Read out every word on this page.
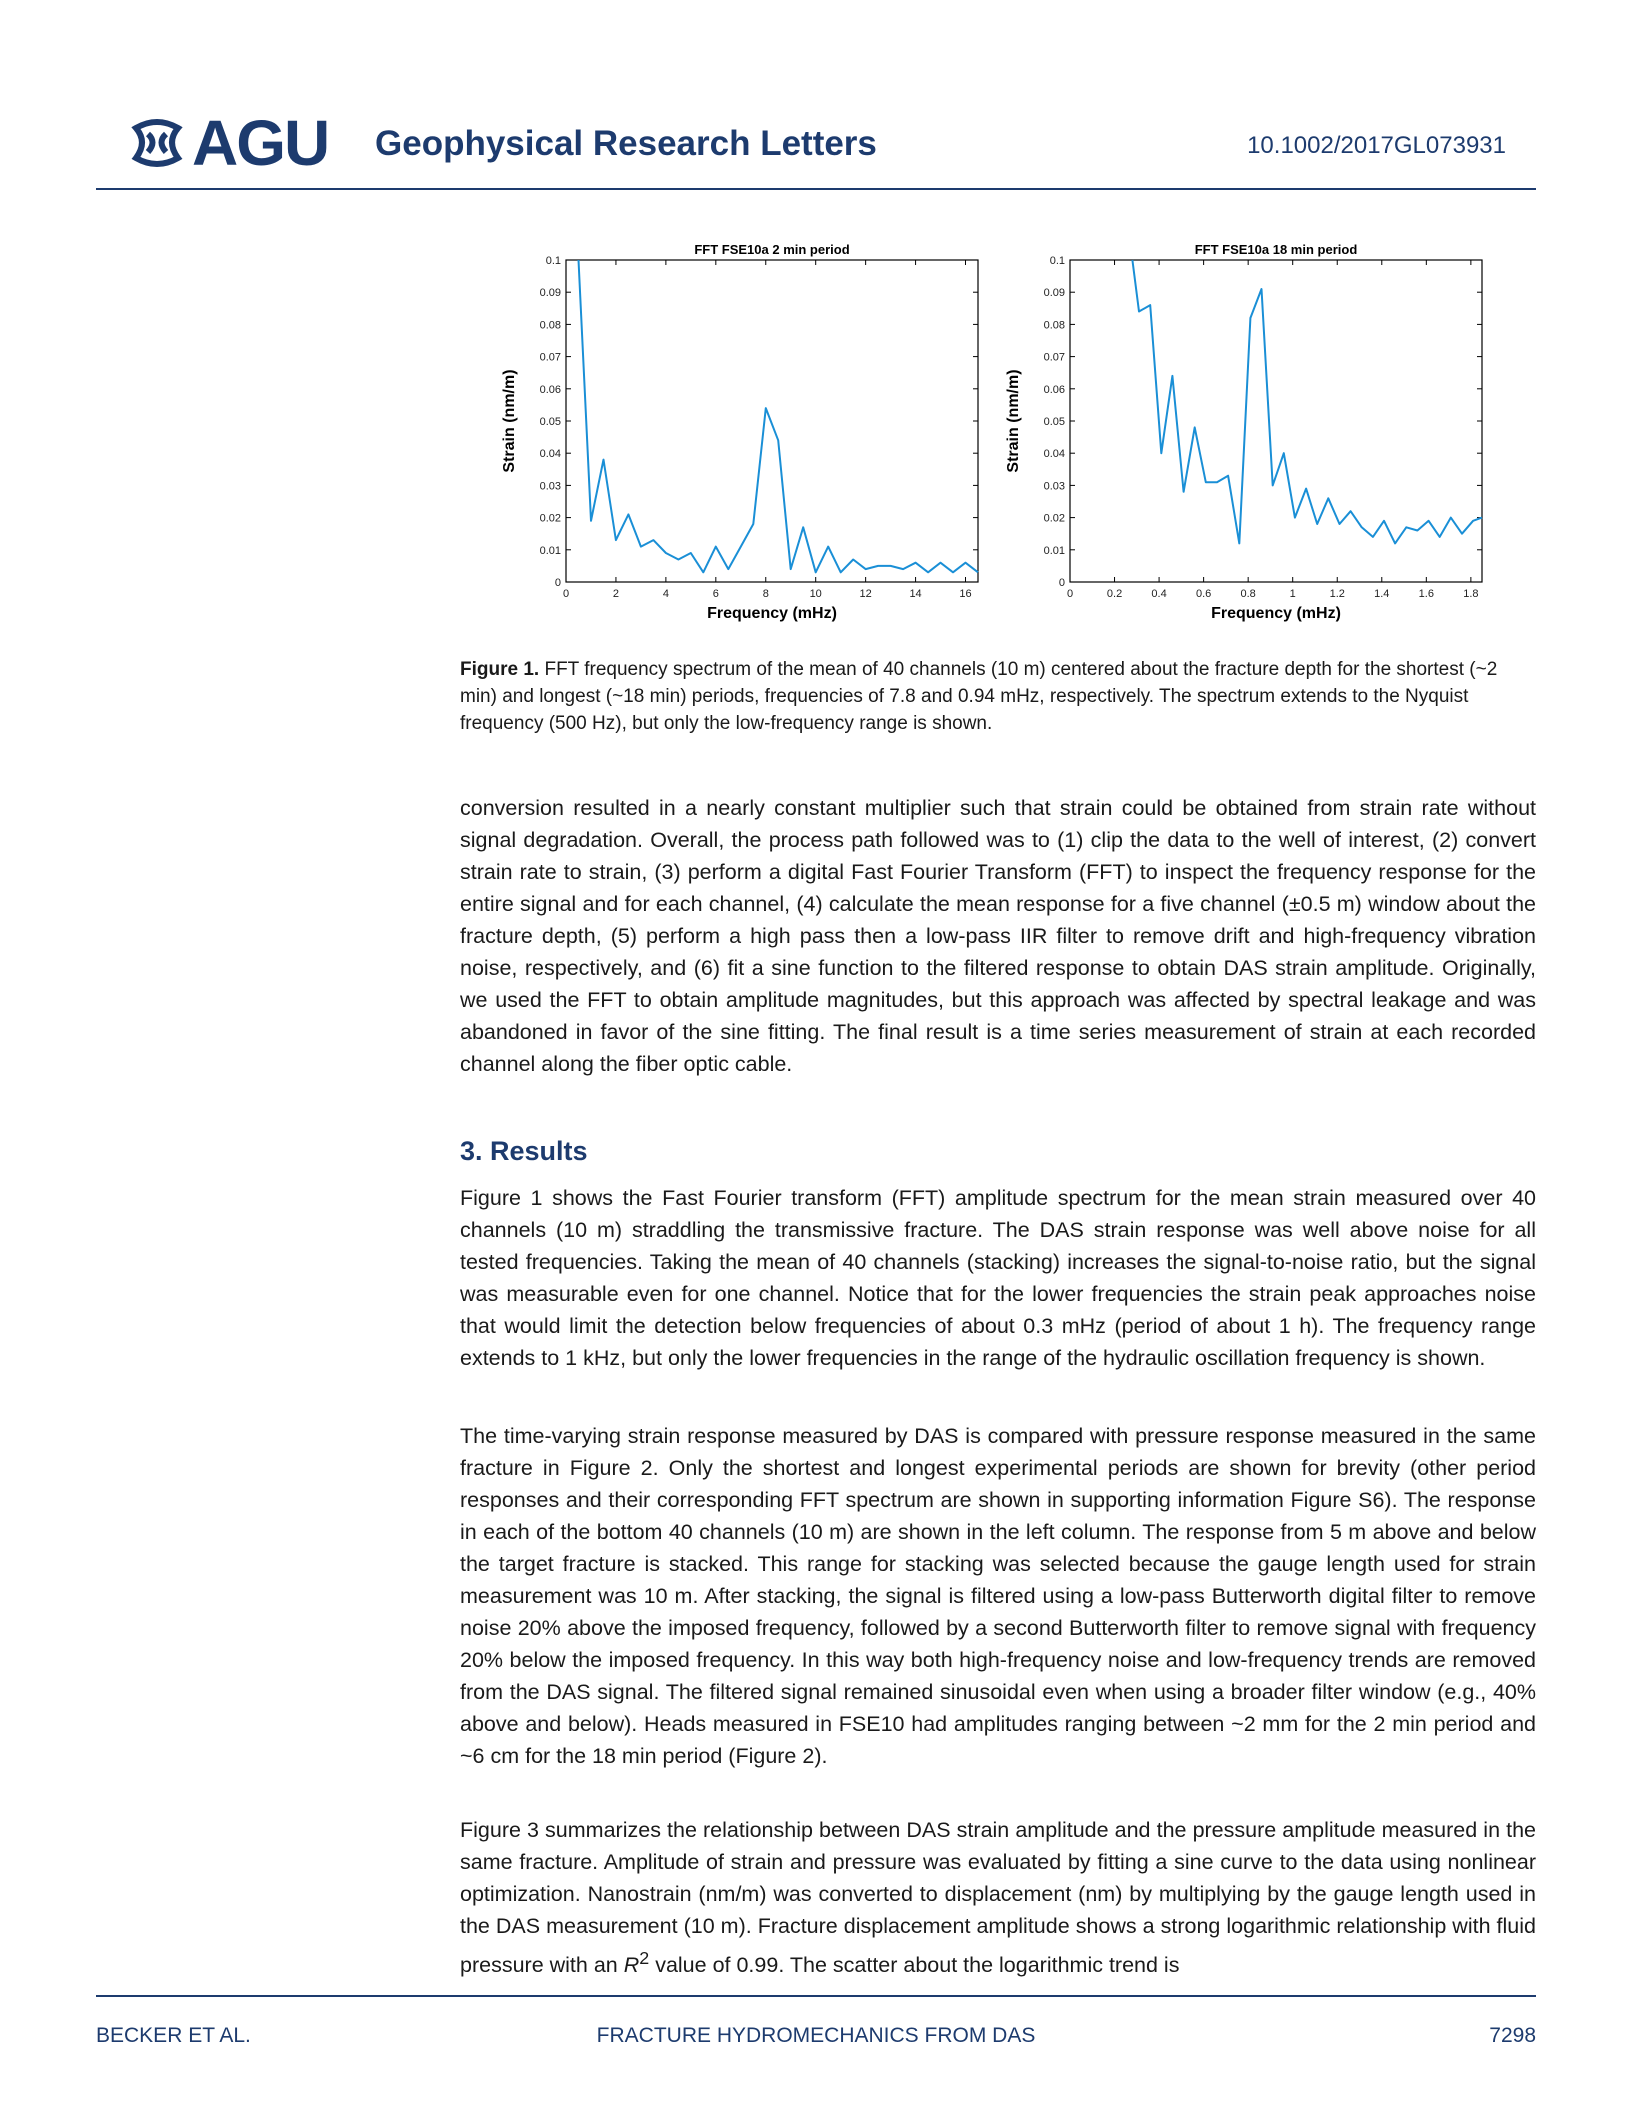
AGU Geophysical Research Letters	10.1002/2017GL073931
0
0.01
0.02
0.03
0.04
0.05
0.06
0.07
0.08
0.09
0.1
0	2	4	6	8	10	12	14	16
FFT FSE10a 2 min period
Frequency (mHz)
Strain (nm/m)
0
0.01
0.02
0.03
0.04
0.05
0.06
0.07
0.08
0.09
0.1
0	0.2	0.4	0.6	0.8	1	1.2	1.4	1.6	1.8
FFT FSE10a 18 min period
Frequency (mHz)
Strain (nm/m)
Figure 1. FFT frequency spectrum of the mean of 40 channels (10 m) centered about the fracture depth for the shortest (~2 min) and longest (~18 min) periods, frequencies of 7.8 and 0.94 mHz, respectively. The spectrum extends to the Nyquist frequency (500 Hz), but only the low-frequency range is shown.

conversion resulted in a nearly constant multiplier such that strain could be obtained from strain rate without signal degradation. Overall, the process path followed was to (1) clip the data to the well of interest, (2) convert strain rate to strain, (3) perform a digital Fast Fourier Transform (FFT) to inspect the frequency response for the entire signal and for each channel, (4) calculate the mean response for a five channel (±0.5 m) window about the fracture depth, (5) perform a high pass then a low-pass IIR filter to remove drift and high-frequency vibration noise, respectively, and (6) fit a sine function to the filtered response to obtain DAS strain amplitude. Originally, we used the FFT to obtain amplitude magnitudes, but this approach was affected by spectral leakage and was abandoned in favor of the sine fitting. The final result is a time series measurement of strain at each recorded channel along the fiber optic cable.

3. Results

Figure 1 shows the Fast Fourier transform (FFT) amplitude spectrum for the mean strain measured over 40 channels (10 m) straddling the transmissive fracture. The DAS strain response was well above noise for all tested frequencies. Taking the mean of 40 channels (stacking) increases the signal-to-noise ratio, but the signal was measurable even for one channel. Notice that for the lower frequencies the strain peak approaches noise that would limit the detection below frequencies of about 0.3 mHz (period of about 1 h). The frequency range extends to 1 kHz, but only the lower frequencies in the range of the hydraulic oscillation frequency is shown.

The time-varying strain response measured by DAS is compared with pressure response measured in the same fracture in Figure 2. Only the shortest and longest experimental periods are shown for brevity (other period responses and their corresponding FFT spectrum are shown in supporting information Figure S6). The response in each of the bottom 40 channels (10 m) are shown in the left column. The response from 5 m above and below the target fracture is stacked. This range for stacking was selected because the gauge length used for strain measurement was 10 m. After stacking, the signal is filtered using a low-pass Butterworth digital filter to remove noise 20% above the imposed frequency, followed by a second Butterworth filter to remove signal with frequency 20% below the imposed frequency. In this way both high-frequency noise and low-frequency trends are removed from the DAS signal. The filtered signal remained sinusoidal even when using a broader filter window (e.g., 40% above and below). Heads measured in FSE10 had amplitudes ranging between ~2 mm for the 2 min period and ~6 cm for the 18 min period (Figure 2).

Figure 3 summarizes the relationship between DAS strain amplitude and the pressure amplitude measured in the same fracture. Amplitude of strain and pressure was evaluated by fitting a sine curve to the data using nonlinear optimization. Nanostrain (nm/m) was converted to displacement (nm) by multiplying by the gauge length used in the DAS measurement (10 m). Fracture displacement amplitude shows a strong logarithmic relationship with fluid pressure with an $R^2$ value of 0.99. The scatter about the logarithmic trend is

BECKER ET AL.	FRACTURE HYDROMECHANICS FROM DAS	7298
